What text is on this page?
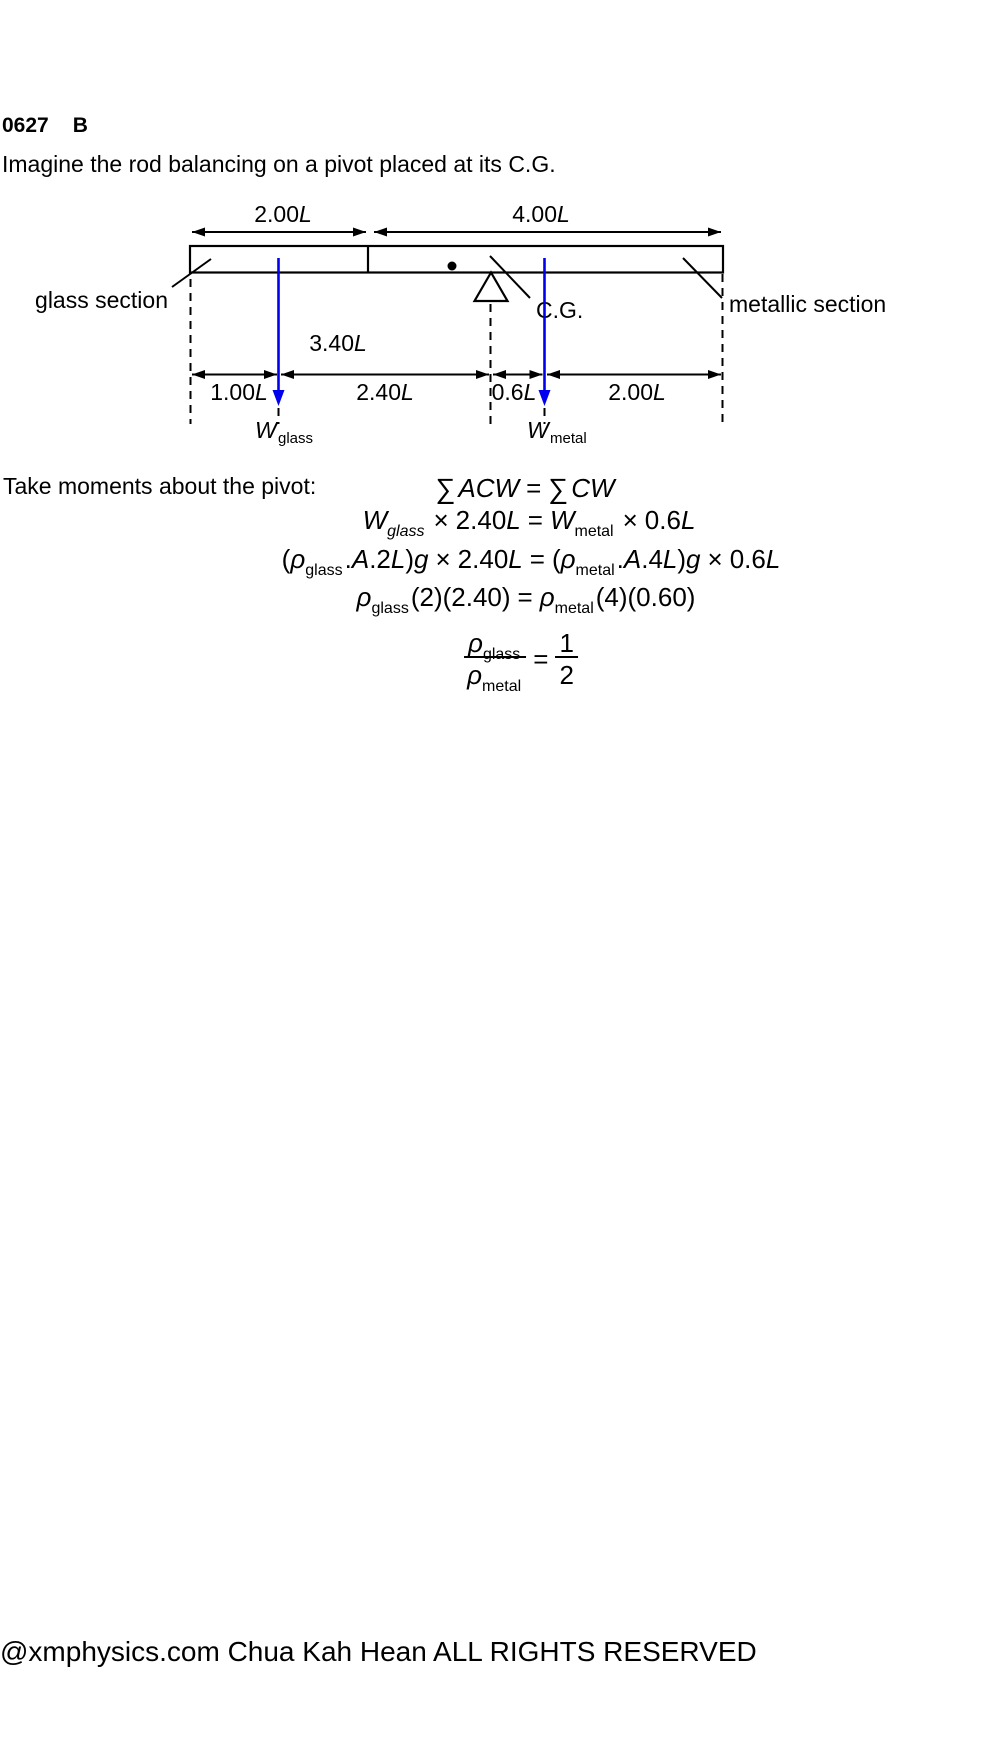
0627 B
Imagine the rod balancing on a pivot placed at its C.G.
2.00L	4.00L
glass section	metallic section
C.G.
3.40L
1.00L	2.40L	0.6L	2.00L
W glass	W metal
Take moments about the pivot:	∑ ACW = ∑ CW
$W_{glass} \times 2.40L = W_{metal} \times 0.6L$
$(\rho_{glass}.A.2L)g \times 2.40L = (\rho_{metal}.A.4L)g \times 0.6L$
$\rho_{glass}(2)(2.40) = \rho_{metal}(4)(0.60)$
$\frac{\rho_{glass}}{\rho_{metal}} = \frac{1}{2}$
@xmphysics.com Chua Kah Hean ALL RIGHTS RESERVED
